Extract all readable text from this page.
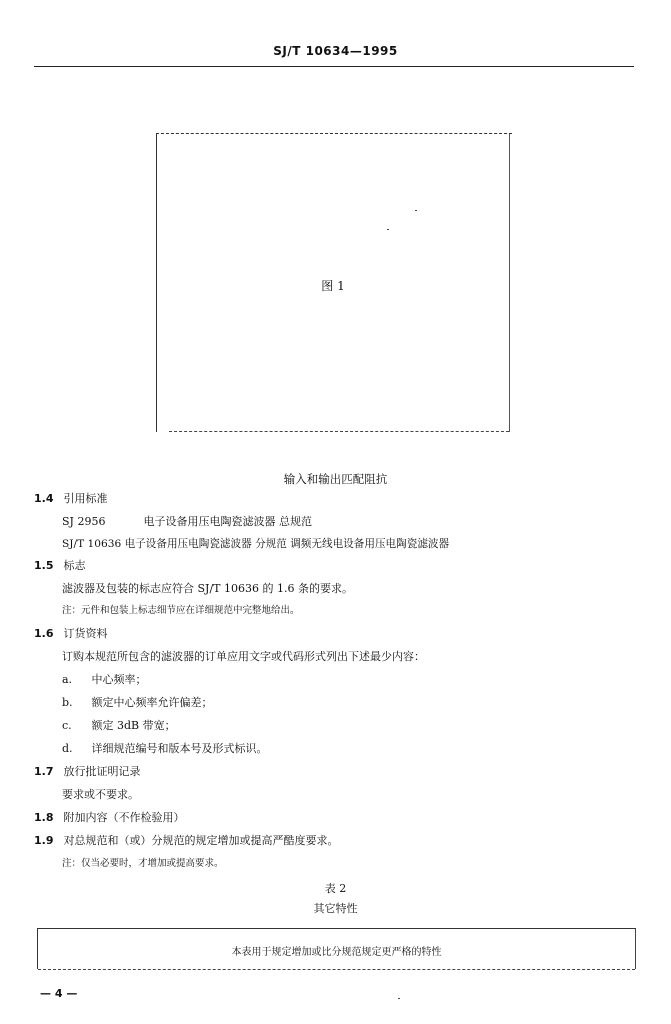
SJ/T 10634—1995
图 1
输入和输出匹配阻抗
1.4 引用标准
SJ 2956	电子设备用压电陶瓷滤波器 总规范
SJ/T 10636 电子设备用压电陶瓷滤波器 分规范 调频无线电设备用压电陶瓷滤波器
1.5 标志
滤波器及包装的标志应符合 SJ/T 10636 的 1.6 条的要求。
注：元件和包装上标志细节应在详细规范中完整地给出。
1.6 订货资料
订购本规范所包含的滤波器的订单应用文字或代码形式列出下述最少内容：
a. 中心频率；
b. 额定中心频率允许偏差；
c. 额定 3dB 带宽；
d. 详细规范编号和版本号及形式标识。
1.7 放行批证明记录
要求或不要求。
1.8 附加内容（不作检验用）
1.9 对总规范和（或）分规范的规定增加或提高严酷度要求。
注：仅当必要时，才增加或提高要求。
表 2
其它特性
本表用于规定增加或比分规范规定更严格的特性
— 4 —
